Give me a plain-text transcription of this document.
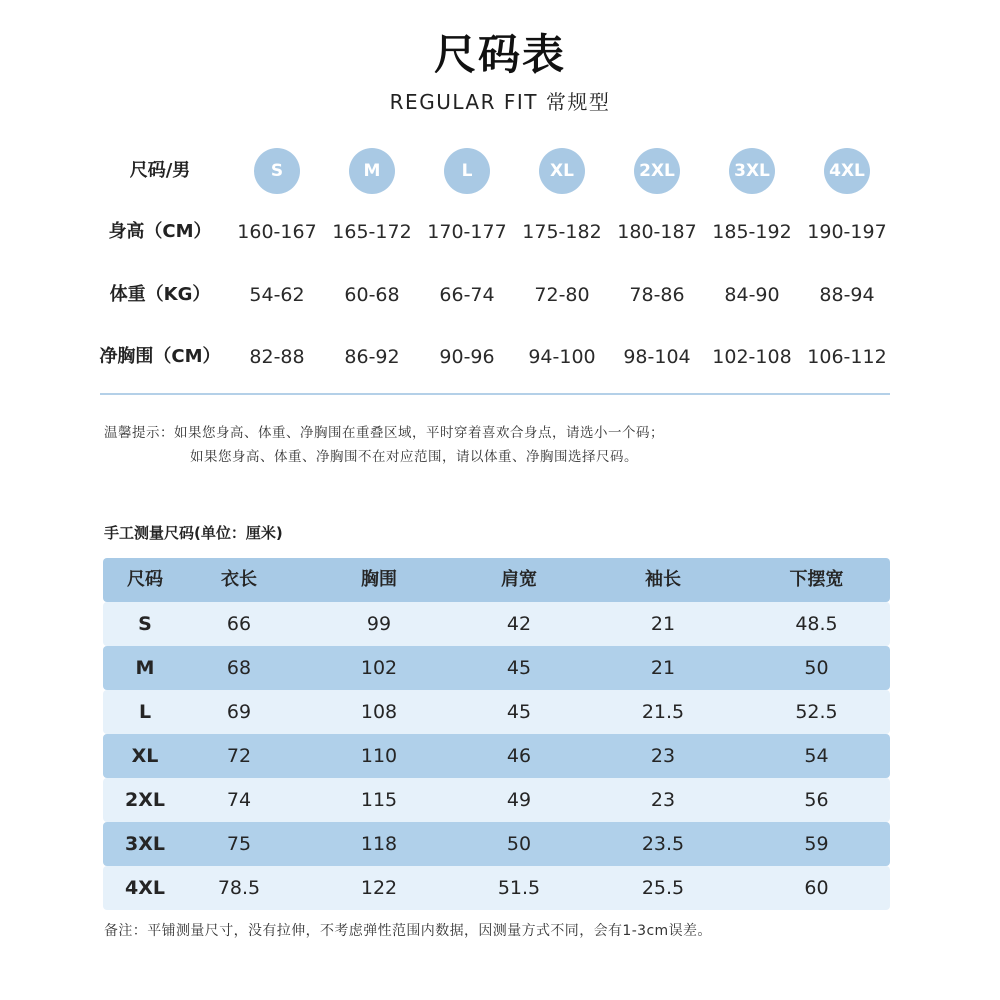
尺码表
REGULAR FIT 常规型
尺码/男	S	M	L	XL	2XL	3XL	4XL
身高（CM）	160-167 165-172 170-177 175-182 180-187 185-192 190-197
体重（KG）	54-62	60-68	66-74	72-80	78-86	84-90	88-94
净胸围（CM）	82-88	86-92	90-96	94-100	98-104	102-108 106-112
温馨提示：如果您身高、体重、净胸围在重叠区域，平时穿着喜欢合身点，请选小一个码；
如果您身高、体重、净胸围不在对应范围，请以体重、净胸围选择尺码。
手工测量尺码(单位：厘米)
尺码	衣长	胸围	肩宽	袖长	下摆宽
S	66	99	42	21	48.5
M	68	102	45	21	50
L	69	108	45	21.5	52.5
XL	72	110	46	23	54
2XL	74	115	49	23	56
3XL	75	118	50	23.5	59
4XL	78.5	122	51.5	25.5	60
备注：平铺测量尺寸，没有拉伸，不考虑弹性范围内数据，因测量方式不同，会有1-3cm误差。
